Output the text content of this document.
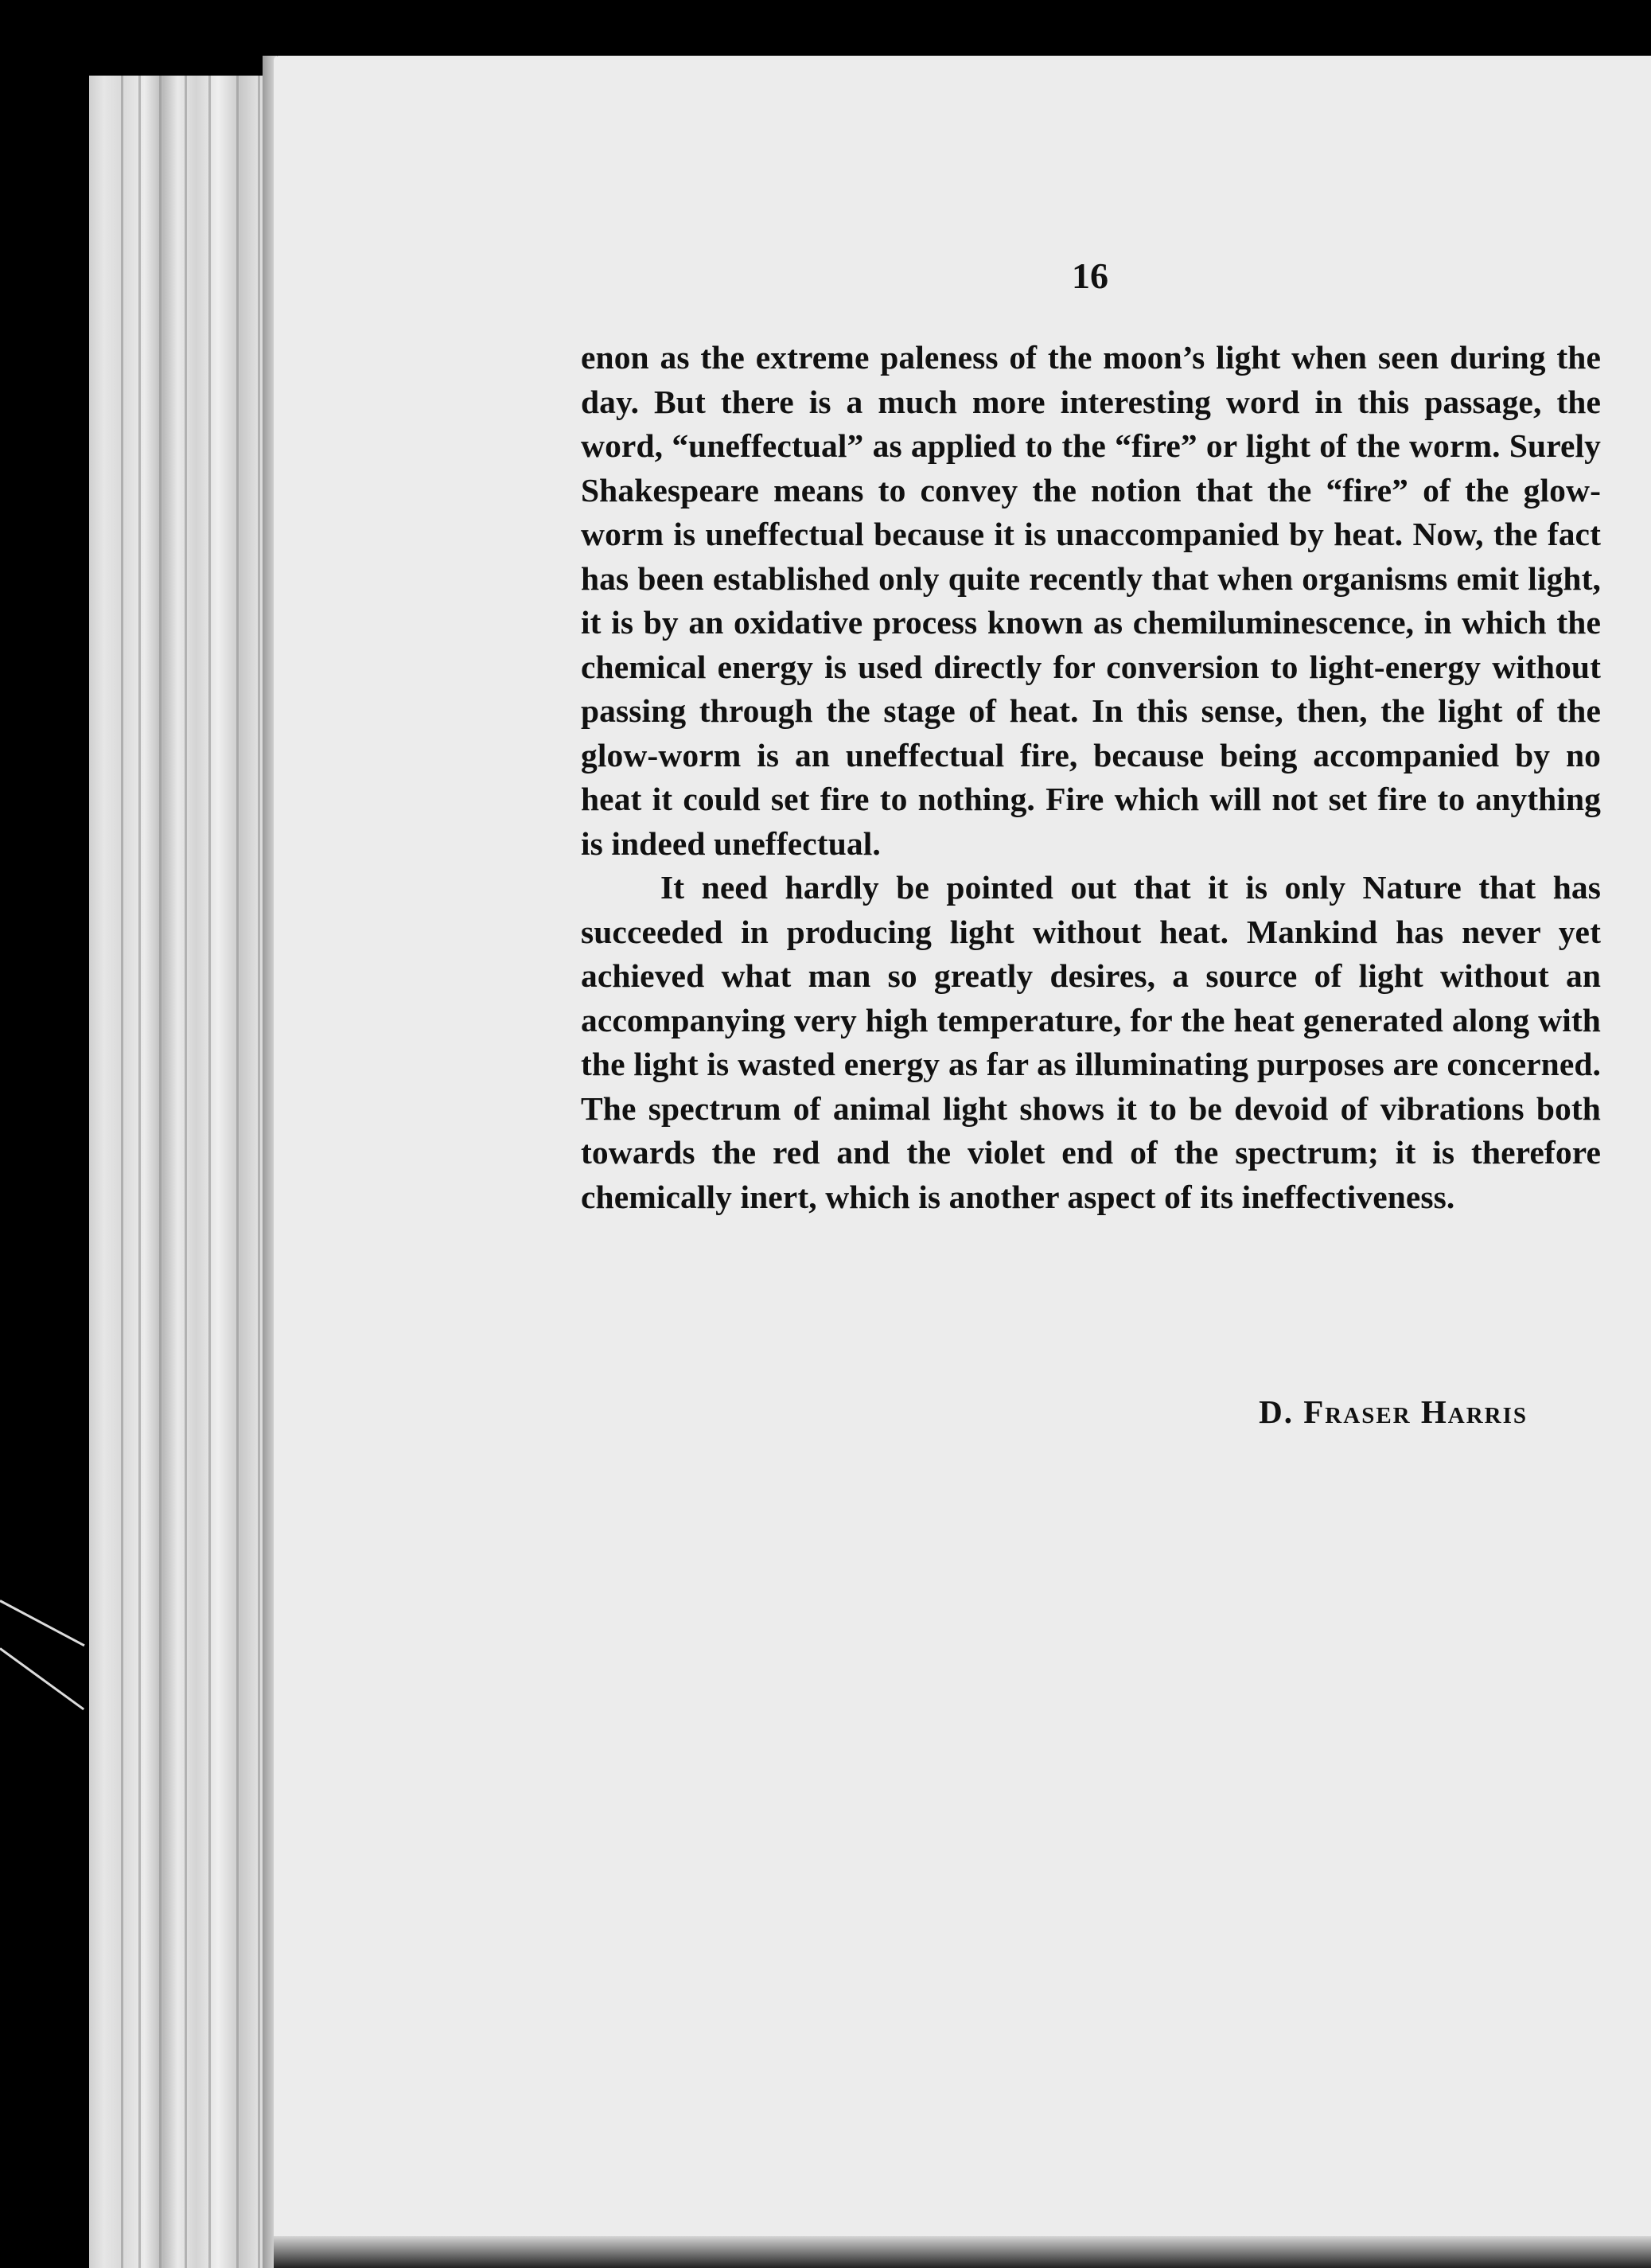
16

enon as the extreme paleness of the moon’s light when seen during the day. But there is a much more interesting word in this passage, the word, “uneffectual” as applied to the “fire” or light of the worm. Surely Shakespeare means to convey the notion that the “fire” of the glow-worm is uneffectual because it is unaccompanied by heat. Now, the fact has been established only quite recently that when organisms emit light, it is by an oxidative process known as chemiluminescence, in which the chemical energy is used directly for conversion to light-energy without passing through the stage of heat. In this sense, then, the light of the glow-worm is an uneffectual fire, because being accompanied by no heat it could set fire to nothing. Fire which will not set fire to anything is indeed uneffectual.

It need hardly be pointed out that it is only Nature that has succeeded in producing light without heat. Mankind has never yet achieved what man so greatly desires, a source of light without an accompanying very high temperature, for the heat generated along with the light is wasted energy as far as illuminating purposes are concerned. The spectrum of animal light shows it to be devoid of vibrations both towards the red and the violet end of the spectrum; it is therefore chemically inert, which is another aspect of its ineffectiveness.

D. Fraser Harris
